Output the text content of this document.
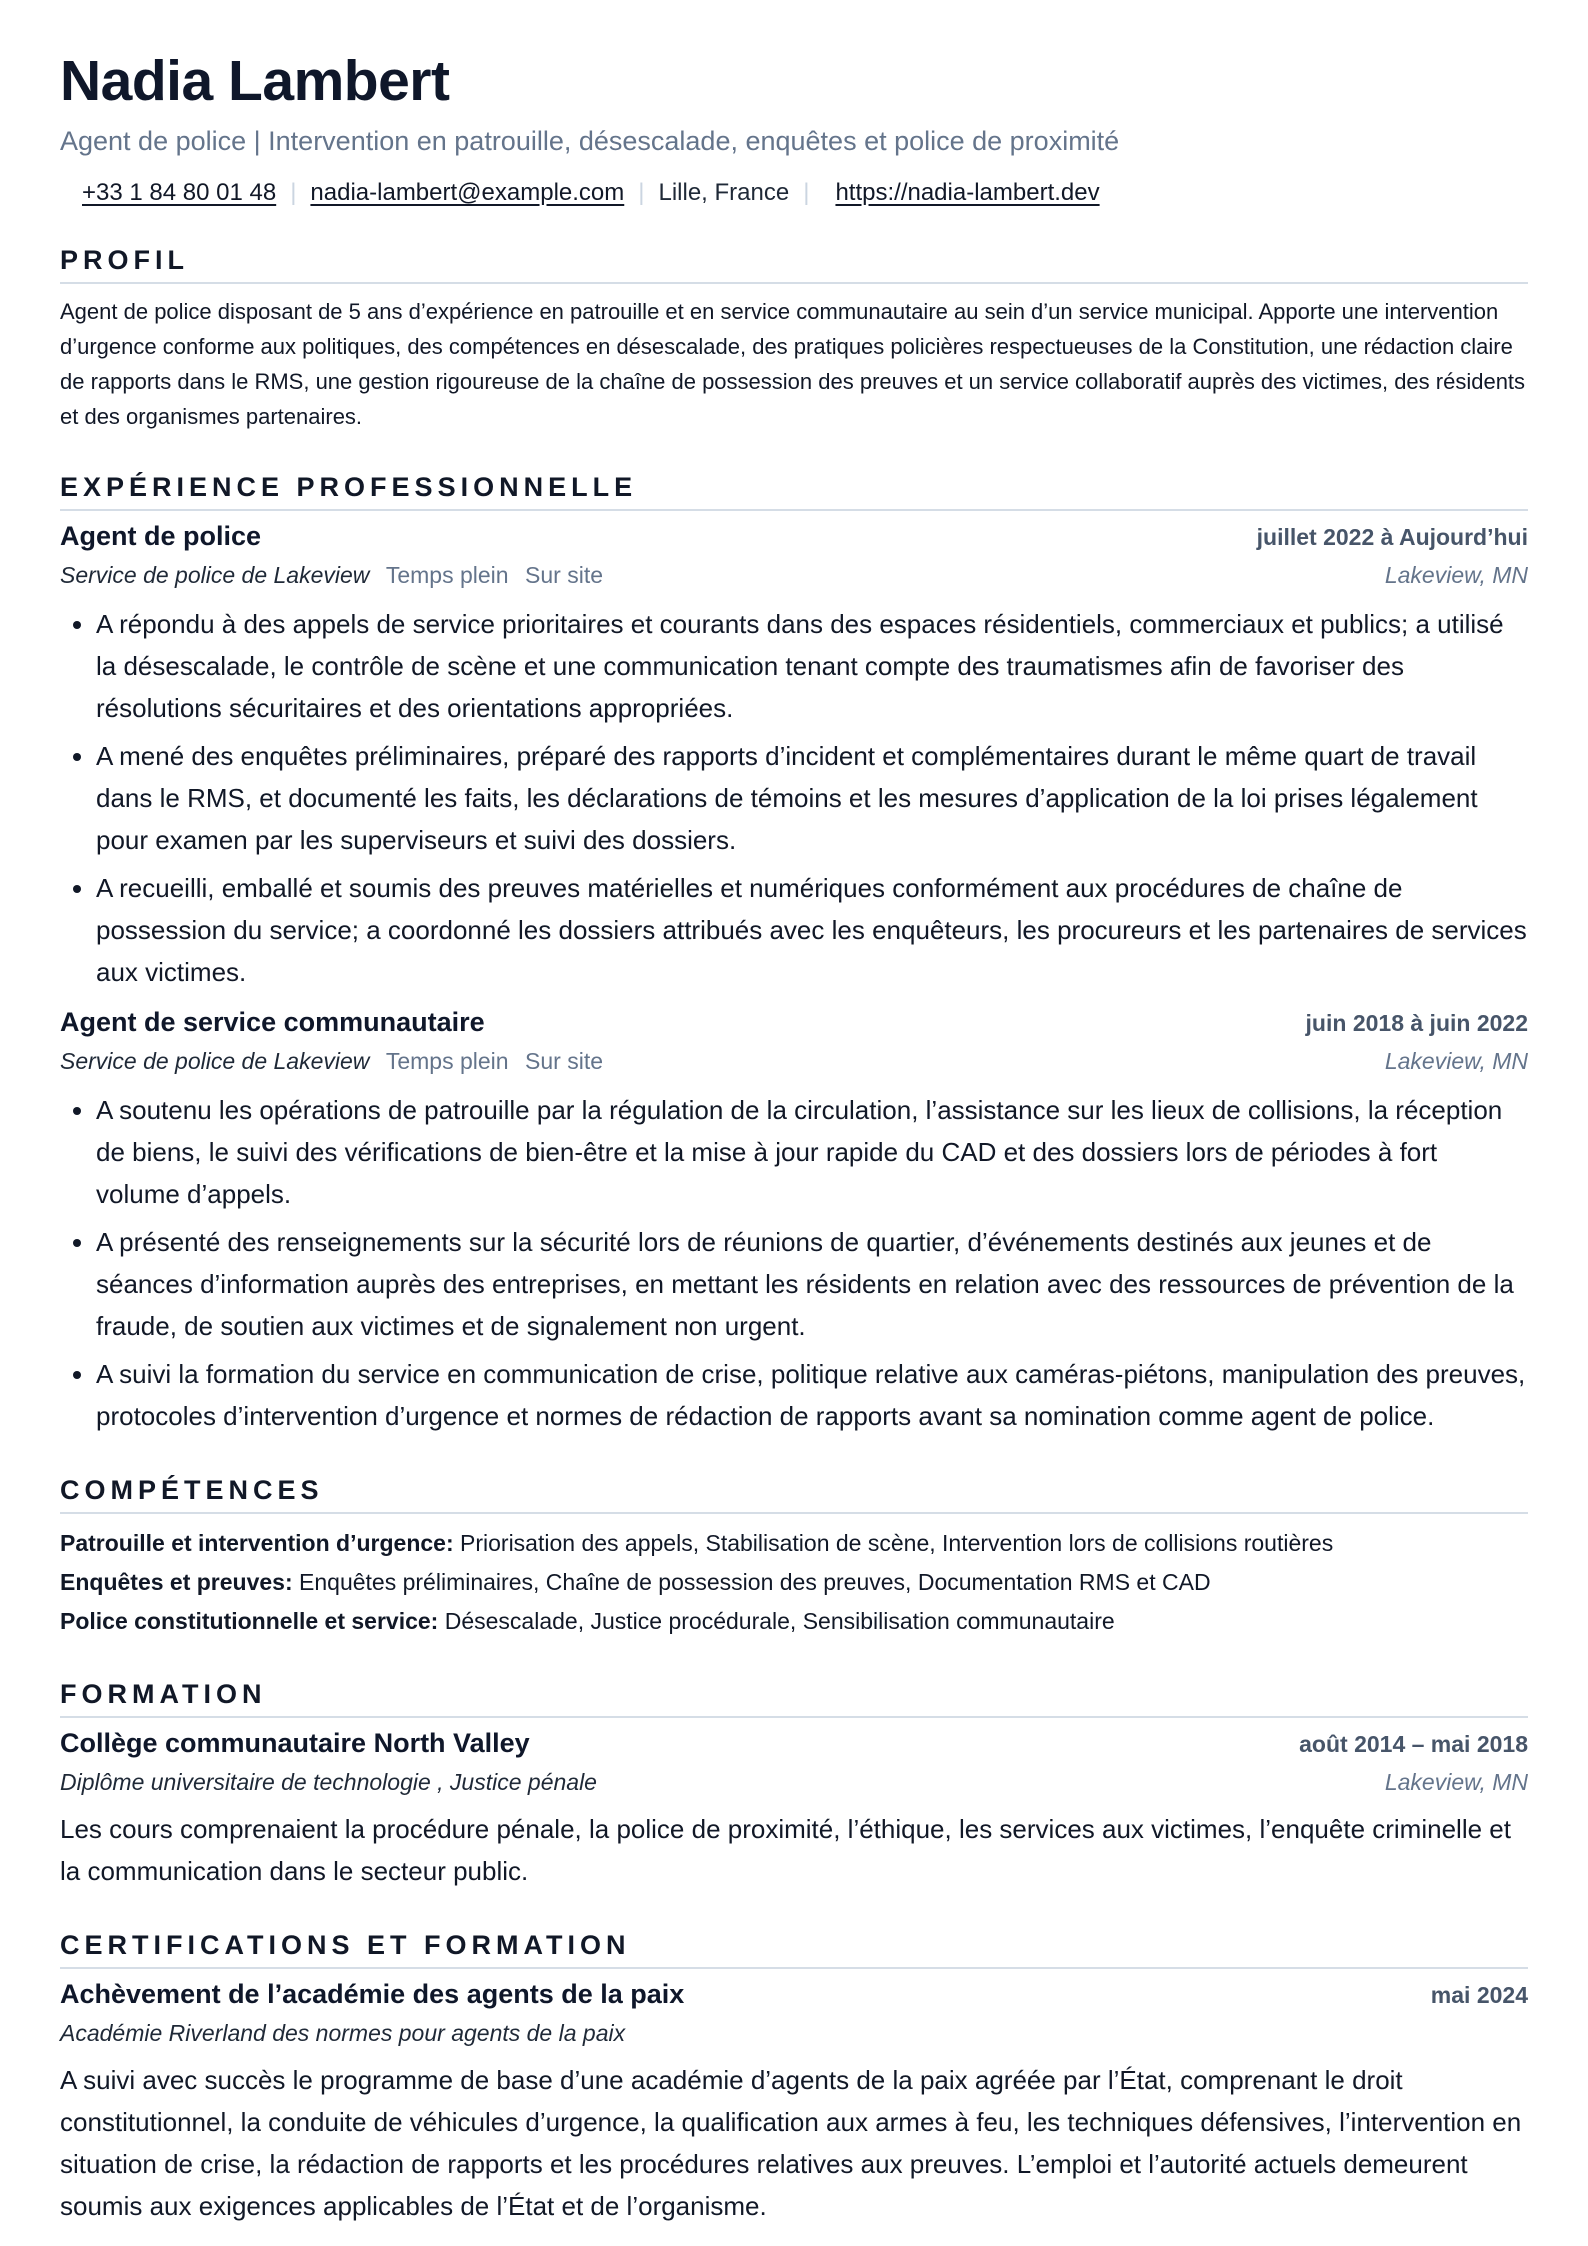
Nadia Lambert
Agent de police | Intervention en patrouille, désescalade, enquêtes et police de proximité
+33 1 84 80 01 48 | nadia-lambert@example.com | Lille, France | https://nadia-lambert.dev
PROFIL
Agent de police disposant de 5 ans d’expérience en patrouille et en service communautaire au sein d’un service municipal. Apporte une intervention d’urgence conforme aux politiques, des compétences en désescalade, des pratiques policières respectueuses de la Constitution, une rédaction claire de rapports dans le RMS, une gestion rigoureuse de la chaîne de possession des preuves et un service collaboratif auprès des victimes, des résidents et des organismes partenaires.
EXPÉRIENCE PROFESSIONNELLE
Agent de police	juillet 2022 à Aujourd’hui
Service de police de Lakeview Temps plein Sur site	Lakeview, MN
• A répondu à des appels de service prioritaires et courants dans des espaces résidentiels, commerciaux et publics; a utilisé la désescalade, le contrôle de scène et une communication tenant compte des traumatismes afin de favoriser des résolutions sécuritaires et des orientations appropriées.
• A mené des enquêtes préliminaires, préparé des rapports d’incident et complémentaires durant le même quart de travail dans le RMS, et documenté les faits, les déclarations de témoins et les mesures d’application de la loi prises légalement pour examen par les superviseurs et suivi des dossiers.
• A recueilli, emballé et soumis des preuves matérielles et numériques conformément aux procédures de chaîne de possession du service; a coordonné les dossiers attribués avec les enquêteurs, les procureurs et les partenaires de services aux victimes.
Agent de service communautaire	juin 2018 à juin 2022
Service de police de Lakeview Temps plein Sur site	Lakeview, MN
• A soutenu les opérations de patrouille par la régulation de la circulation, l’assistance sur les lieux de collisions, la réception de biens, le suivi des vérifications de bien-être et la mise à jour rapide du CAD et des dossiers lors de périodes à fort volume d’appels.
• A présenté des renseignements sur la sécurité lors de réunions de quartier, d’événements destinés aux jeunes et de séances d’information auprès des entreprises, en mettant les résidents en relation avec des ressources de prévention de la fraude, de soutien aux victimes et de signalement non urgent.
• A suivi la formation du service en communication de crise, politique relative aux caméras-piétons, manipulation des preuves, protocoles d’intervention d’urgence et normes de rédaction de rapports avant sa nomination comme agent de police.
COMPÉTENCES
Patrouille et intervention d’urgence: Priorisation des appels, Stabilisation de scène, Intervention lors de collisions routières
Enquêtes et preuves: Enquêtes préliminaires, Chaîne de possession des preuves, Documentation RMS et CAD
Police constitutionnelle et service: Désescalade, Justice procédurale, Sensibilisation communautaire
FORMATION
Collège communautaire North Valley	août 2014 – mai 2018
Diplôme universitaire de technologie , Justice pénale	Lakeview, MN
Les cours comprenaient la procédure pénale, la police de proximité, l’éthique, les services aux victimes, l’enquête criminelle et la communication dans le secteur public.
CERTIFICATIONS ET FORMATION
Achèvement de l’académie des agents de la paix	mai 2024
Académie Riverland des normes pour agents de la paix
A suivi avec succès le programme de base d’une académie d’agents de la paix agréée par l’État, comprenant le droit constitutionnel, la conduite de véhicules d’urgence, la qualification aux armes à feu, les techniques défensives, l’intervention en situation de crise, la rédaction de rapports et les procédures relatives aux preuves. L’emploi et l’autorité actuels demeurent soumis aux exigences applicables de l’État et de l’organisme.
